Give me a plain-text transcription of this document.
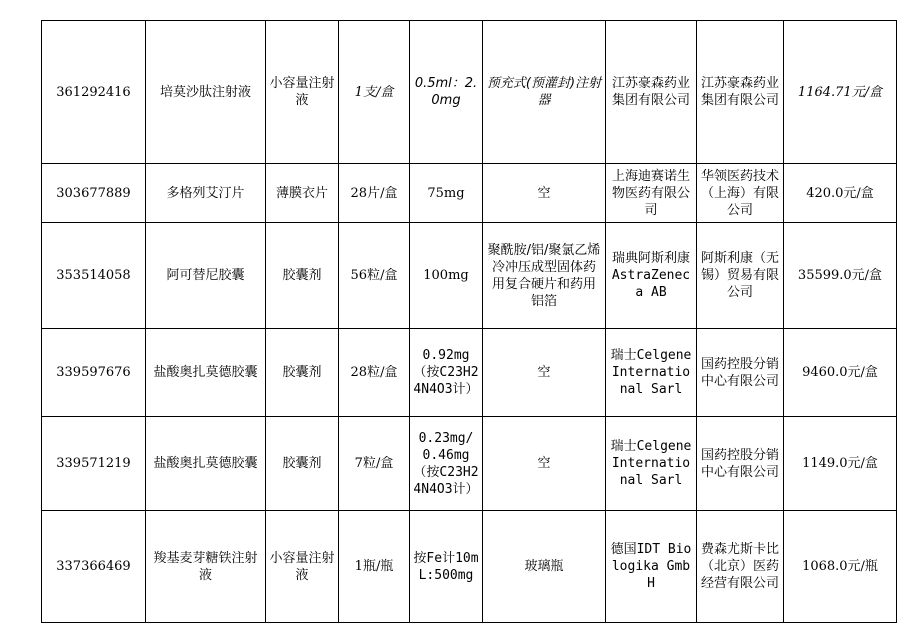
361292416	培莫沙肽注射液	小容量注射液	1支/盒	0.5ml：2.0mg	预充式(预灌封)注射器	江苏豪森药业集团有限公司	江苏豪森药业集团有限公司	1164.71元/盒
303677889	多格列艾汀片	薄膜衣片	28片/盒	75mg	空	上海迪赛诺生物医药有限公司	华领医药技术（上海）有限公司	420.0元/盒
353514058	阿可替尼胶囊	胶囊剂	56粒/盒	100mg	聚酰胺/铝/聚氯乙烯冷冲压成型固体药用复合硬片和药用铝箔	瑞典阿斯利康 AstraZeneca AB	阿斯利康（无锡）贸易有限公司	35599.0元/盒
339597676	盐酸奥扎莫德胶囊	胶囊剂	28粒/盒	0.92mg（按C23H24N4O3计）	空	瑞士Celgene International Sarl	国药控股分销中心有限公司	9460.0元/盒
339571219	盐酸奥扎莫德胶囊	胶囊剂	7粒/盒	0.23mg/0.46mg（按C23H24N4O3计）	空	瑞士Celgene International Sarl	国药控股分销中心有限公司	1149.0元/盒
337366469	羧基麦芽糖铁注射液	小容量注射液	1瓶/瓶	按Fe计10mL:500mg	玻璃瓶	德国IDT Biologika GmbH	费森尤斯卡比（北京）医药经营有限公司	1068.0元/瓶
